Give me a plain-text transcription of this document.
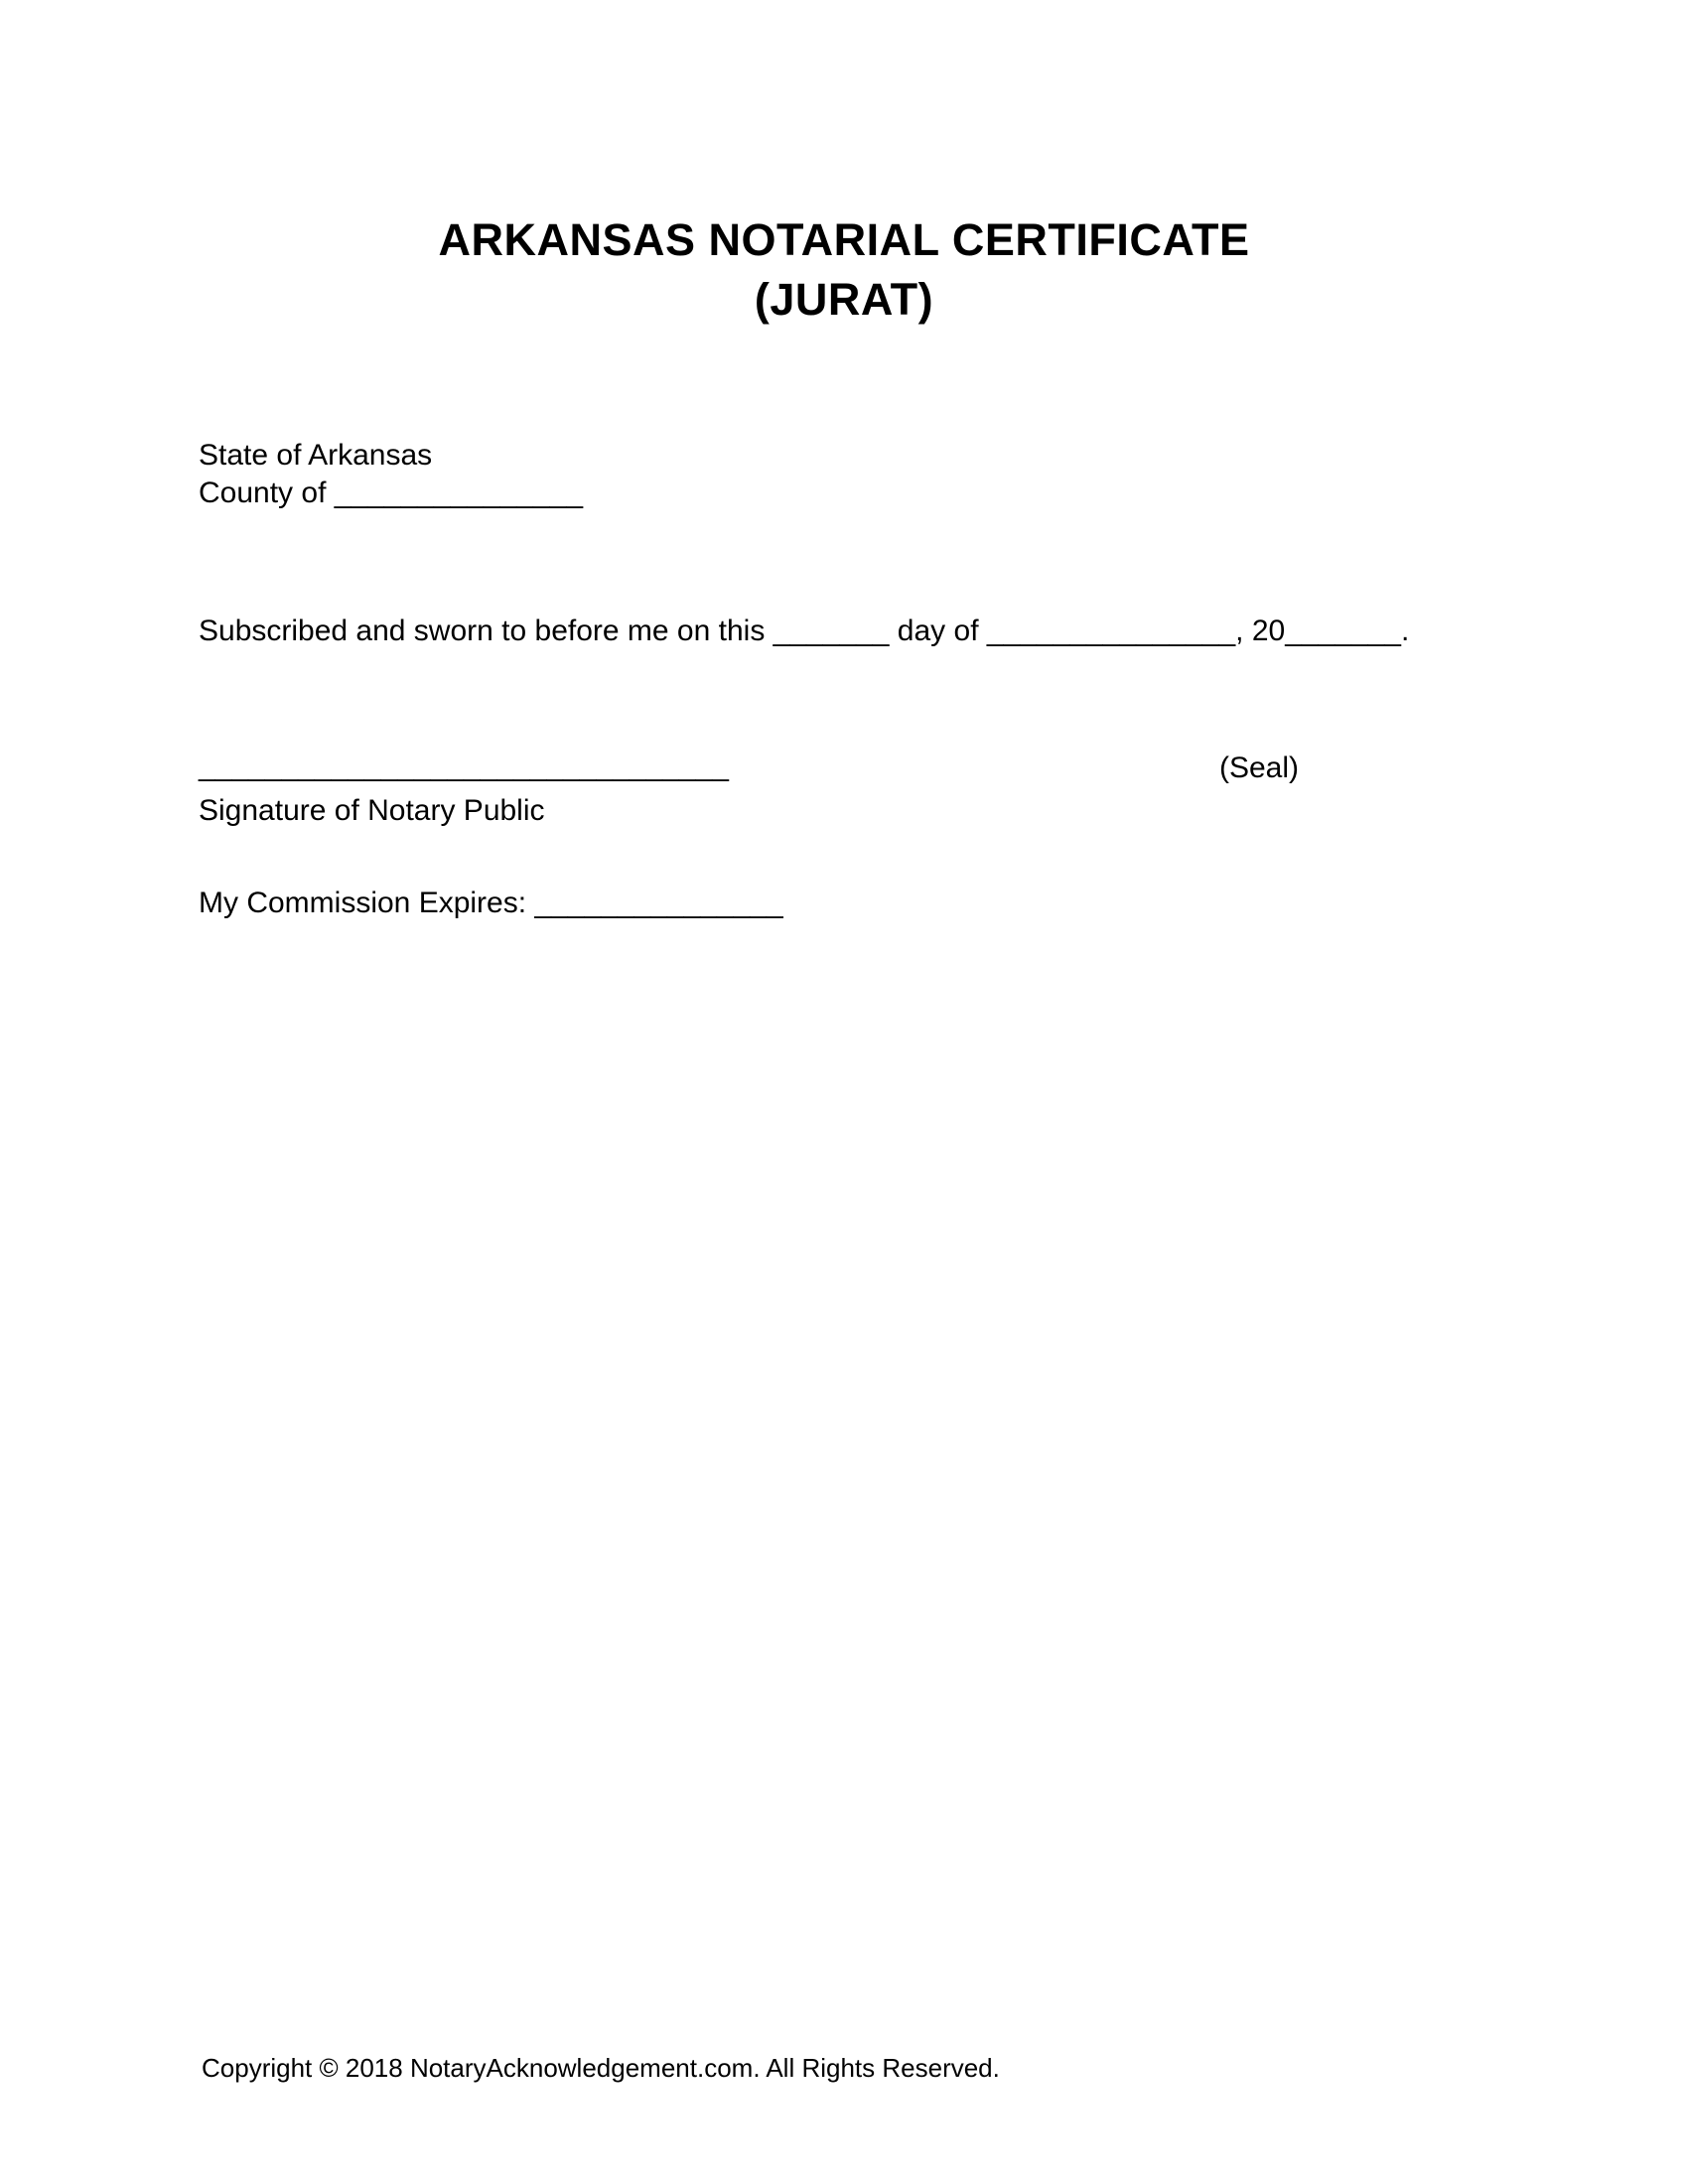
ARKANSAS NOTARIAL CERTIFICATE
(JURAT)
State of Arkansas
County of _______________
Subscribed and sworn to before me on this _______ day of _______________, 20_______.
________________________________	(Seal)
Signature of Notary Public
My Commission Expires: _______________
Copyright © 2018 NotaryAcknowledgement.com. All Rights Reserved.
